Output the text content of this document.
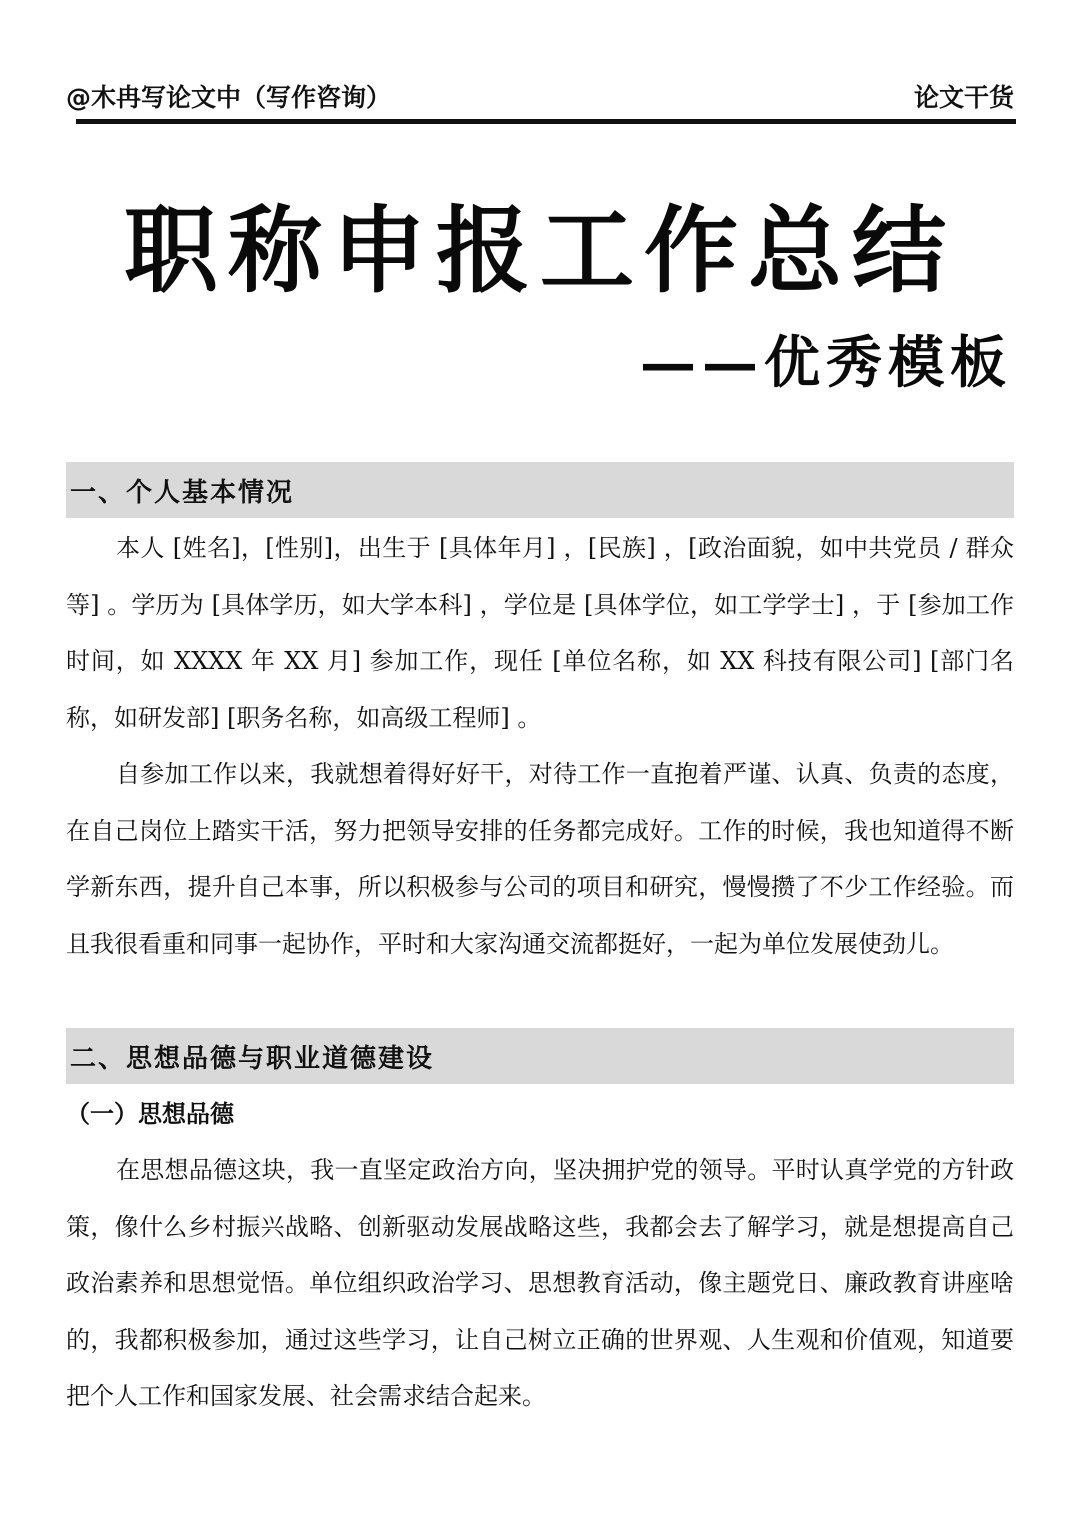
@木冉写论文中（写作咨询）	论文干货
职称申报工作总结
——优秀模板
一、个人基本情况

本人 [姓名]，[性别]，出生于 [具体年月] ，[民族] ，[政治面貌，如中共党员 / 群众等] 。学历为 [具体学历，如大学本科] ，学位是 [具体学位，如工学学士] ，于 [参加工作时间，如 XXXX 年 XX 月] 参加工作，现任 [单位名称，如 XX 科技有限公司] [部门名称，如研发部] [职务名称，如高级工程师] 。

自参加工作以来，我就想着得好好干，对待工作一直抱着严谨、认真、负责的态度，在自己岗位上踏实干活，努力把领导安排的任务都完成好。工作的时候，我也知道得不断学新东西，提升自己本事，所以积极参与公司的项目和研究，慢慢攒了不少工作经验。而且我很看重和同事一起协作，平时和大家沟通交流都挺好，一起为单位发展使劲儿。

二、思想品德与职业道德建设
（一）思想品德

在思想品德这块，我一直坚定政治方向，坚决拥护党的领导。平时认真学党的方针政策，像什么乡村振兴战略、创新驱动发展战略这些，我都会去了解学习，就是想提高自己政治素养和思想觉悟。单位组织政治学习、思想教育活动，像主题党日、廉政教育讲座啥的，我都积极参加，通过这些学习，让自己树立正确的世界观、人生观和价值观，知道要把个人工作和国家发展、社会需求结合起来。
